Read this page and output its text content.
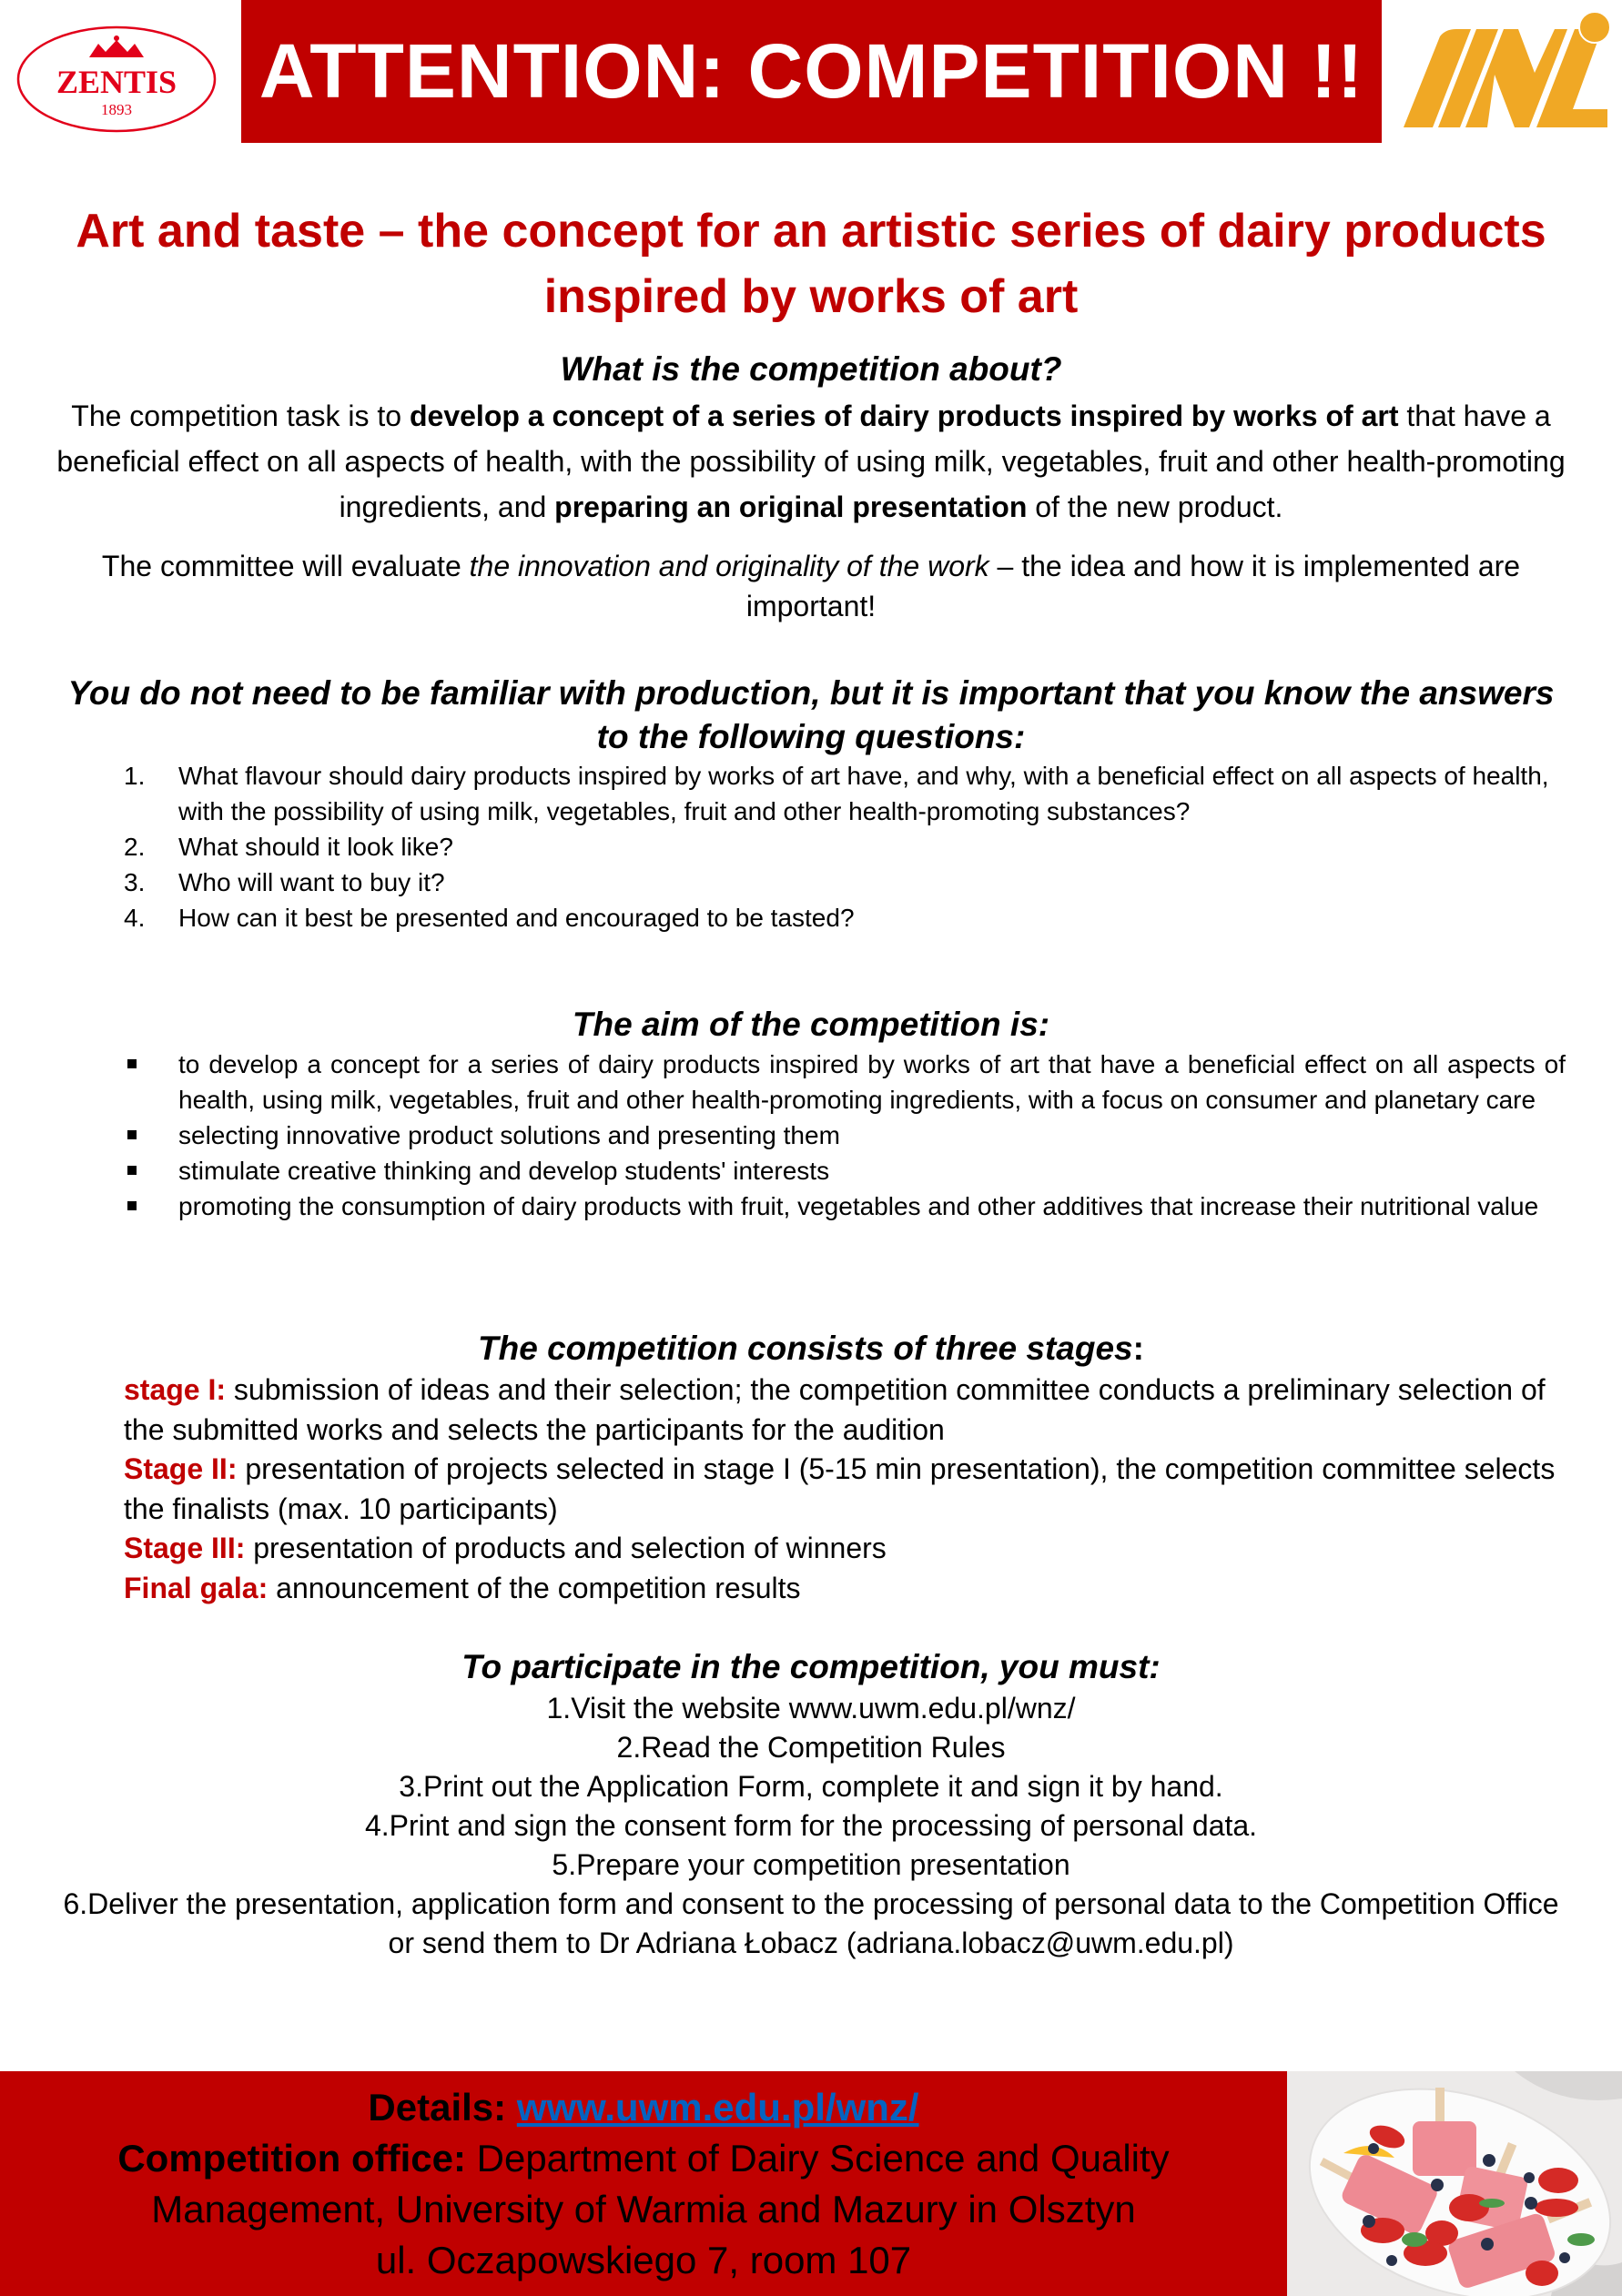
ZENTIS
1893 ATTENTION: COMPETITION !!
Art and taste – the concept for an artistic series of dairy products inspired by works of art
What is the competition about?

The competition task is to develop a concept of a series of dairy products inspired by works of art that have a beneficial effect on all aspects of health, with the possibility of using milk, vegetables, fruit and other health-promoting ingredients, and preparing an original presentation of the new product.

The committee will evaluate the innovation and originality of the work – the idea and how it is implemented are important!

You do not need to be familiar with production, but it is important that you know the answers to the following questions:
1. What flavour should dairy products inspired by works of art have, and why, with a beneficial effect on all aspects of health, with the possibility of using milk, vegetables, fruit and other health-promoting substances?
2. What should it look like?
3. Who will want to buy it?
4. How can it best be presented and encouraged to be tasted?
The aim of the competition is:
to develop a concept for a series of dairy products inspired by works of art that have a beneficial effect on all aspects of health, using milk, vegetables, fruit and other health-promoting ingredients, with a focus on consumer and planetary care
selecting innovative product solutions and presenting them
stimulate creative thinking and develop students' interests
promoting the consumption of dairy products with fruit, vegetables and other additives that increase their nutritional value
The competition consists of three stages:
stage I: submission of ideas and their selection; the competition committee conducts a preliminary selection of the submitted works and selects the participants for the audition
Stage II: presentation of projects selected in stage I (5-15 min presentation), the competition committee selects the finalists (max. 10 participants)
Stage III: presentation of products and selection of winners
Final gala: announcement of the competition results
To participate in the competition, you must:
1.Visit the website www.uwm.edu.pl/wnz/
2.Read the Competition Rules
3.Print out the Application Form, complete it and sign it by hand.
4.Print and sign the consent form for the processing of personal data.
5.Prepare your competition presentation
6.Deliver the presentation, application form and consent to the processing of personal data to the Competition Office or send them to Dr Adriana Łobacz (adriana.lobacz@uwm.edu.pl)
Details: www.uwm.edu.pl/wnz/
Competition office: Department of Dairy Science and Quality Management, University of Warmia and Mazury in Olsztyn
ul. Oczapowskiego 7, room 107
